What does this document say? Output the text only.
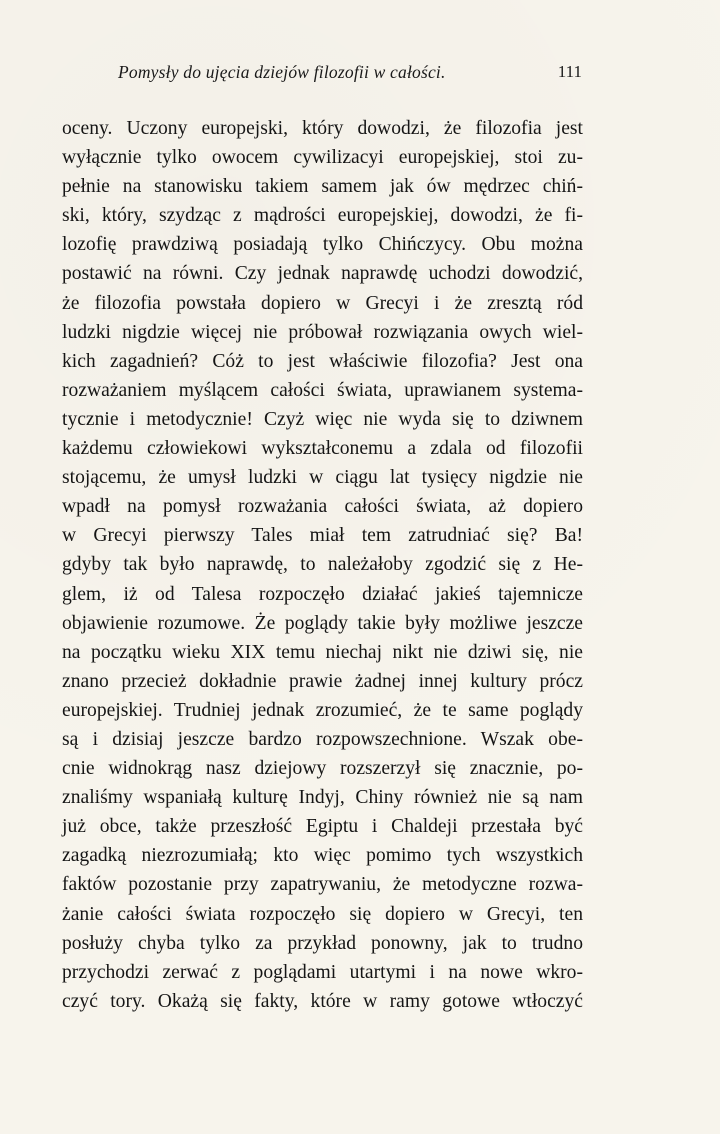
Pomysły do ujęcia dziejów filozofii w całości.	111
oceny. Uczony europejski, który dowodzi, że filozofia jest
wyłącznie tylko owocem cywilizacyi europejskiej, stoi zu-
pełnie na stanowisku takiem samem jak ów mędrzec chiń-
ski, który, szydząc z mądrości europejskiej, dowodzi, że fi-
lozofię prawdziwą posiadają tylko Chińczycy. Obu można
postawić na równi. Czy jednak naprawdę uchodzi dowodzić,
że filozofia powstała dopiero w Grecyi i że zresztą ród
ludzki nigdzie więcej nie próbował rozwiązania owych wiel-
kich zagadnień? Cóż to jest właściwie filozofia? Jest ona
rozważaniem myślącem całości świata, uprawianem systema-
tycznie i metodycznie! Czyż więc nie wyda się to dziwnem
każdemu człowiekowi wykształconemu a zdala od filozofii
stojącemu, że umysł ludzki w ciągu lat tysięcy nigdzie nie
wpadł na pomysł rozważania całości świata, aż dopiero
w Grecyi pierwszy Tales miał tem zatrudniać się? Ba!
gdyby tak było naprawdę, to należałoby zgodzić się z He-
glem, iż od Talesa rozpoczęło działać jakieś tajemnicze
objawienie rozumowe. Że poglądy takie były możliwe jeszcze
na początku wieku XIX temu niechaj nikt nie dziwi się, nie
znano przecież dokładnie prawie żadnej innej kultury prócz
europejskiej. Trudniej jednak zrozumieć, że te same poglądy
są i dzisiaj jeszcze bardzo rozpowszechnione. Wszak obe-
cnie widnokrąg nasz dziejowy rozszerzył się znacznie, po-
znaliśmy wspaniałą kulturę Indyj, Chiny również nie są nam
już obce, także przeszłość Egiptu i Chaldeji przestała być
zagadką niezrozumiałą; kto więc pomimo tych wszystkich
faktów pozostanie przy zapatrywaniu, że metodyczne rozwa-
żanie całości świata rozpoczęło się dopiero w Grecyi, ten
posłuży chyba tylko za przykład ponowny, jak to trudno
przychodzi zerwać z poglądami utartymi i na nowe wkro-
czyć tory. Okażą się fakty, które w ramy gotowe wtłoczyć
